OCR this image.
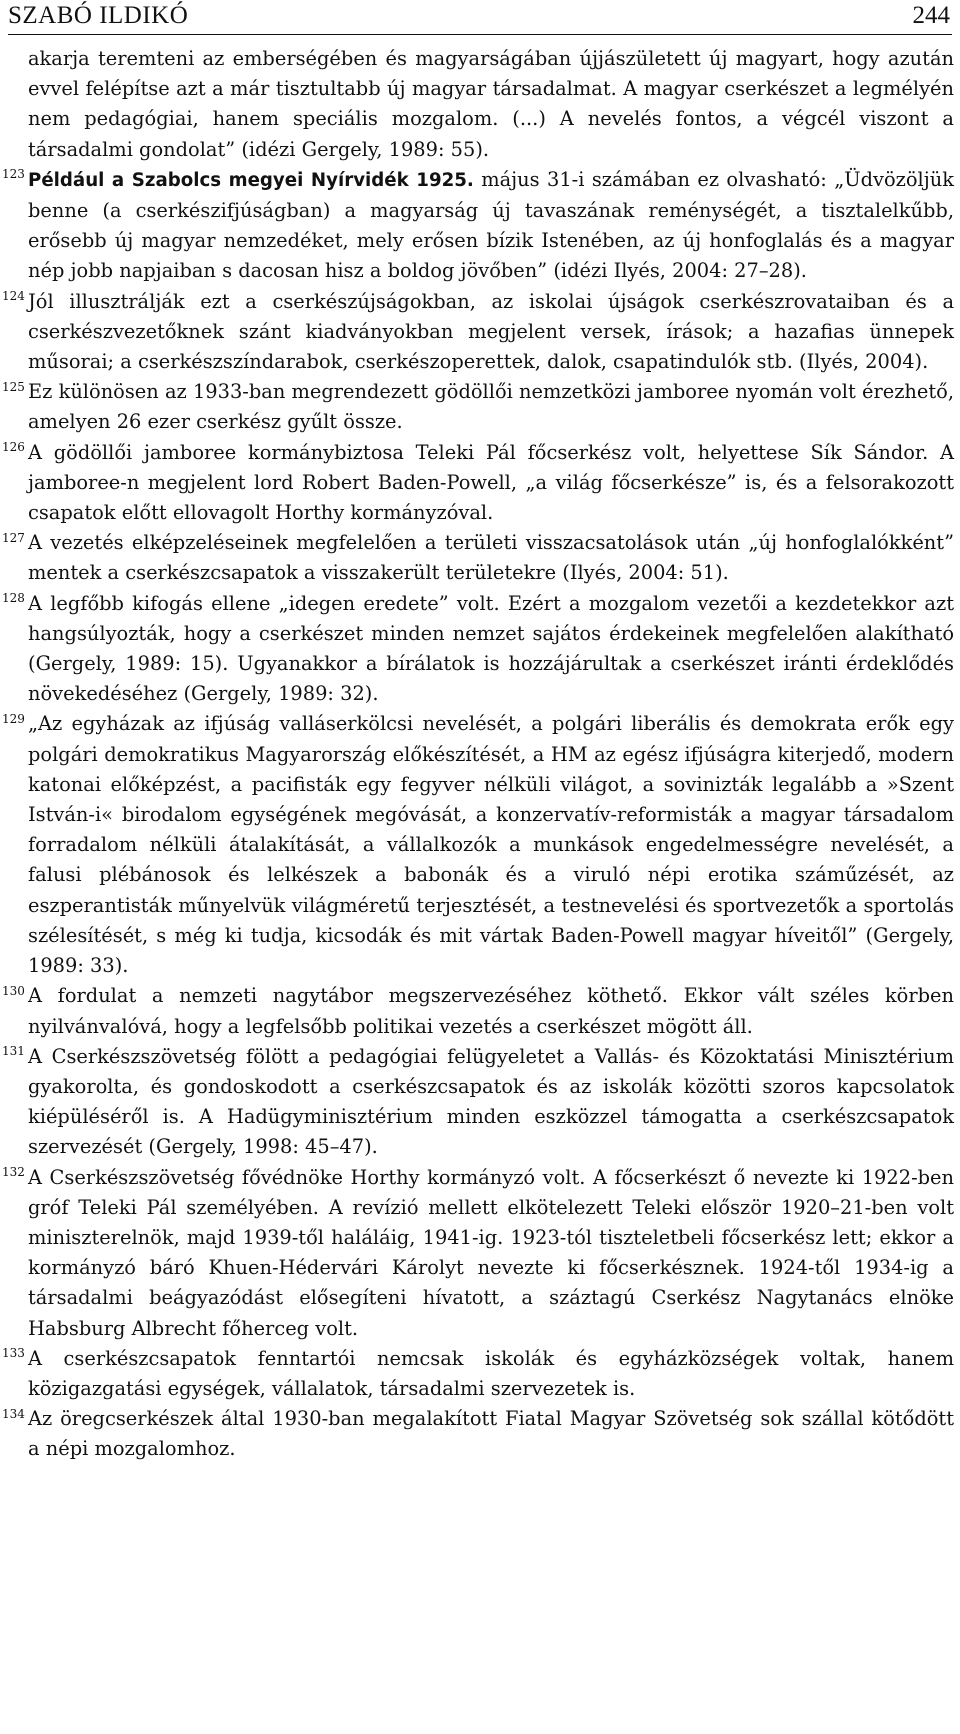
SZABÓ ILDIKÓ	244

akarja teremteni az emberségében és magyarságában újjászületett új magyart, hogy azután evvel felépítse azt a már tisztultabb új magyar társadalmat. A magyar cserkészet a legmélyén nem pedagógiai, hanem speciális mozgalom. (...) A nevelés fontos, a végcél viszont a társadalmi gondolat” (idézi Gergely, 1989: 55).

123 Például a Szabolcs megyei Nyírvidék 1925. május 31-i számában ez olvasható: „Üdvözöljük benne (a cserkészifjúságban) a magyarság új tavaszának reménységét, a tisztalelkűbb, erősebb új magyar nemzedéket, mely erősen bízik Istenében, az új honfoglalás és a magyar nép jobb napjaiban s dacosan hisz a boldog jövőben” (idézi Ilyés, 2004: 27–28).

124 Jól illusztrálják ezt a cserkészújságokban, az iskolai újságok cserkészrovataiban és a cserkészvezetőknek szánt kiadványokban megjelent versek, írások; a hazafias ünnepek műsorai; a cserkészszíndarabok, cserkészoperettek, dalok, csapatindulók stb. (Ilyés, 2004).

125 Ez különösen az 1933-ban megrendezett gödöllői nemzetközi jamboree nyomán volt érezhető, amelyen 26 ezer cserkész gyűlt össze.

126 A gödöllői jamboree kormánybiztosa Teleki Pál főcserkész volt, helyettese Sík Sándor. A jamboree-n megjelent lord Robert Baden-Powell, „a világ főcserkésze” is, és a felsorakozott csapatok előtt ellovagolt Horthy kormányzóval.

127 A vezetés elképzeléseinek megfelelően a területi visszacsatolások után „új honfoglalókként” mentek a cserkészcsapatok a visszakerült területekre (Ilyés, 2004: 51).

128 A legfőbb kifogás ellene „idegen eredete” volt. Ezért a mozgalom vezetői a kezdetekkor azt hangsúlyozták, hogy a cserkészet minden nemzet sajátos érdekeinek megfelelően alakítható (Gergely, 1989: 15). Ugyanakkor a bírálatok is hozzájárultak a cserkészet iránti érdeklődés növekedéséhez (Gergely, 1989: 32).

129 „Az egyházak az ifjúság valláserkölcsi nevelését, a polgári liberális és demokrata erők egy polgári demokratikus Magyarország előkészítését, a HM az egész ifjúságra kiterjedő, modern katonai előképzést, a pacifisták egy fegyver nélküli világot, a sovinizták legalább a »Szent István-i« birodalom egységének megóvását, a konzervatív-reformisták a magyar társadalom forradalom nélküli átalakítását, a vállalkozók a munkások engedelmességre nevelését, a falusi plébánosok és lelkészek a babonák és a viruló népi erotika száműzését, az eszperantisták műnyelvük világméretű terjesztését, a testnevelési és sportvezetők a sportolás szélesítését, s még ki tudja, kicsodák és mit vártak Baden-Powell magyar híveitől” (Gergely, 1989: 33).

130 A fordulat a nemzeti nagytábor megszervezéséhez köthető. Ekkor vált széles körben nyilvánvalóvá, hogy a legfelsőbb politikai vezetés a cserkészet mögött áll.

131 A Cserkészszövetség fölött a pedagógiai felügyeletet a Vallás- és Közoktatási Minisztérium gyakorolta, és gondoskodott a cserkészcsapatok és az iskolák közötti szoros kapcsolatok kiépüléséről is. A Hadügyminisztérium minden eszközzel támogatta a cserkészcsapatok szervezését (Gergely, 1998: 45–47).

132 A Cserkészszövetség fővédnöke Horthy kormányzó volt. A főcserkészt ő nevezte ki 1922-ben gróf Teleki Pál személyében. A revízió mellett elkötelezett Teleki először 1920–21-ben volt miniszterelnök, majd 1939-től haláláig, 1941-ig. 1923-tól tiszteletbeli főcserkész lett; ekkor a kormányzó báró Khuen-Hédervári Károlyt nevezte ki főcserkésznek. 1924-től 1934-ig a társadalmi beágyazódást elősegíteni hívatott, a száztagú Cserkész Nagytanács elnöke Habsburg Albrecht főherceg volt.

133 A cserkészcsapatok fenntartói nemcsak iskolák és egyházközségek voltak, hanem közigazgatási egységek, vállalatok, társadalmi szervezetek is.

134 Az öregcserkészek által 1930-ban megalakított Fiatal Magyar Szövetség sok szállal kötődött a népi mozgalomhoz.
